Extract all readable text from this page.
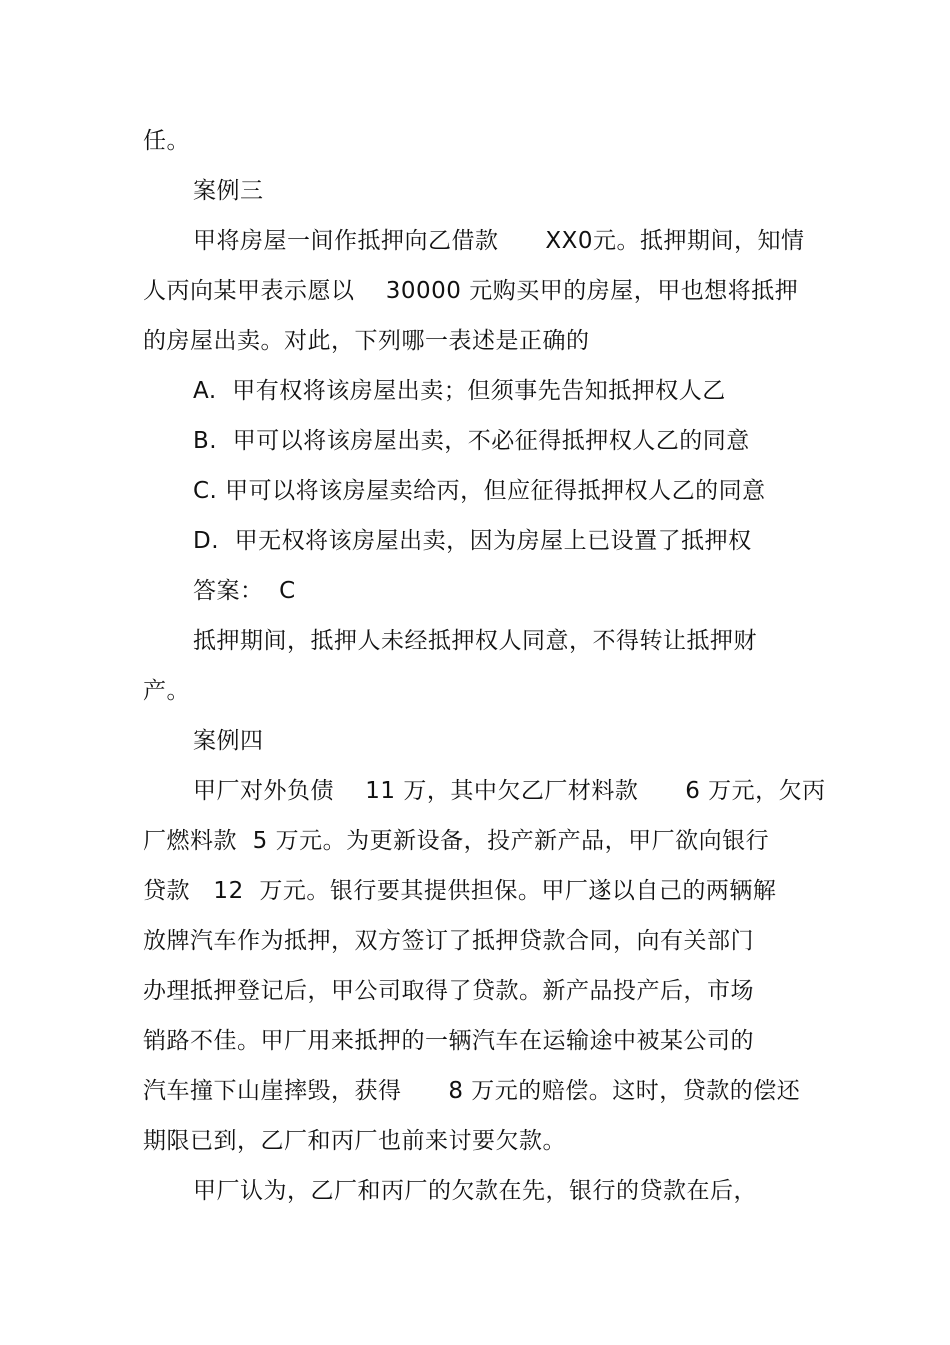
任。
案例三
甲将房屋一间作抵押向乙借款      XX0元。抵押期间，知情
人丙向某甲表示愿以    30000 元购买甲的房屋，甲也想将抵押
的房屋出卖。对此，下列哪一表述是正确的
A.  甲有权将该房屋出卖；但须事先告知抵押权人乙
B.  甲可以将该房屋出卖，不必征得抵押权人乙的同意
C. 甲可以将该房屋卖给丙，但应征得抵押权人乙的同意
D.  甲无权将该房屋出卖，因为房屋上已设置了抵押权
答案：  C
抵押期间，抵押人未经抵押权人同意，不得转让抵押财
产。
案例四
甲厂对外负债    11 万，其中欠乙厂材料款      6 万元，欠丙
厂燃料款  5 万元。为更新设备，投产新产品，甲厂欲向银行
贷款   12  万元。银行要其提供担保。甲厂遂以自己的两辆解
放牌汽车作为抵押，双方签订了抵押贷款合同，向有关部门
办理抵押登记后，甲公司取得了贷款。新产品投产后，市场
销路不佳。甲厂用来抵押的一辆汽车在运输途中被某公司的
汽车撞下山崖摔毁，获得      8 万元的赔偿。这时，贷款的偿还
期限已到，乙厂和丙厂也前来讨要欠款。
甲厂认为，乙厂和丙厂的欠款在先，银行的贷款在后，
